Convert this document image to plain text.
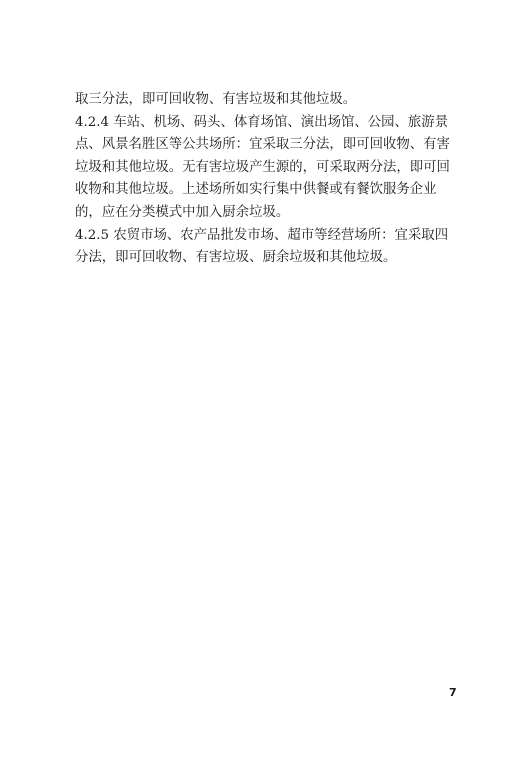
取三分法，即可回收物、有害垃圾和其他垃圾。
4.2.4 车站、机场、码头、体育场馆、演出场馆、公园、旅游景
点、风景名胜区等公共场所：宜采取三分法，即可回收物、有害
垃圾和其他垃圾。无有害垃圾产生源的，可采取两分法，即可回
收物和其他垃圾。上述场所如实行集中供餐或有餐饮服务企业
的，应在分类模式中加入厨余垃圾。
4.2.5 农贸市场、农产品批发市场、超市等经营场所：宜采取四
分法，即可回收物、有害垃圾、厨余垃圾和其他垃圾。
7
